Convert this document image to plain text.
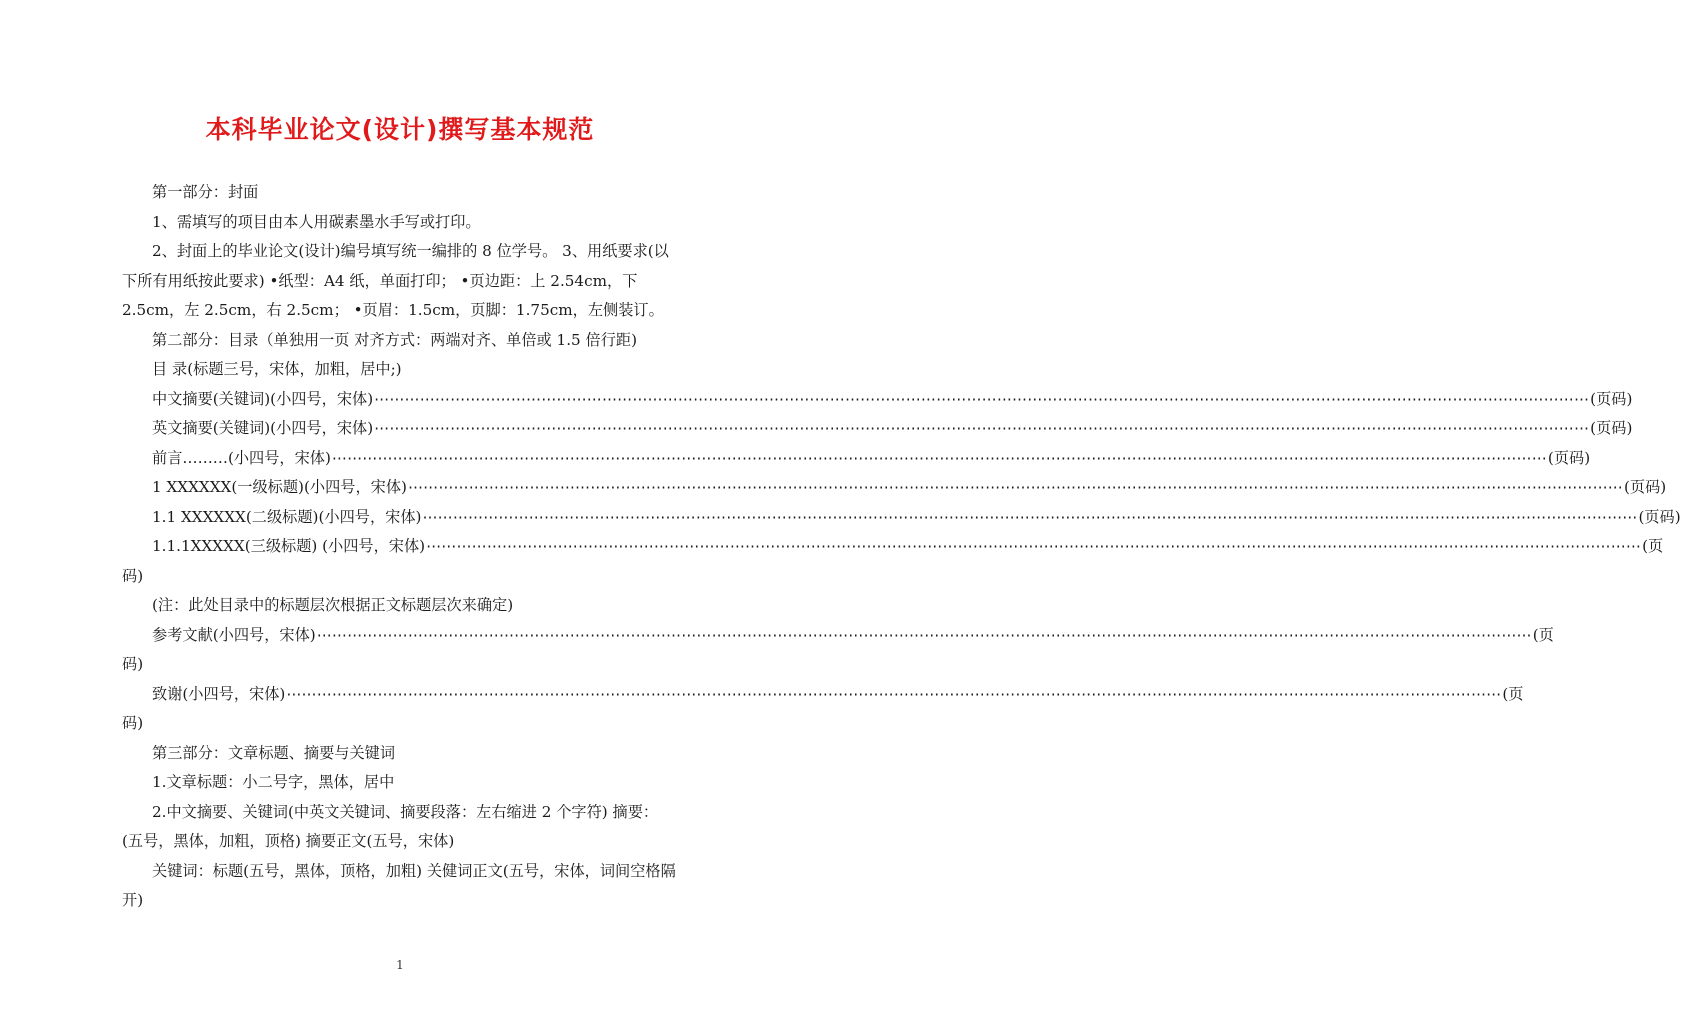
本科毕业论文(设计)撰写基本规范

第一部分：封面

1、需填写的项目由本人用碳素墨水手写或打印。

2、封面上的毕业论文(设计)编号填写统一编排的 8 位学号。 3、用纸要求(以下所有用纸按此要求) •纸型：A4 纸，单面打印； •页边距：上 2.54cm，下 2.5cm，左 2.5cm，右 2.5cm； •页眉：1.5cm，页脚：1.75cm，左侧装订。

第二部分：目录（单独用一页 对齐方式：两端对齐、单倍或 1.5 倍行距)

目 录(标题三号，宋体，加粗，居中;)

中文摘要(关键词)(小四号，宋体) ⋯⋯⋯⋯⋯⋯⋯⋯⋯⋯⋯⋯⋯⋯⋯⋯⋯⋯⋯⋯⋯⋯⋯⋯⋯⋯⋯⋯⋯⋯⋯⋯⋯⋯⋯⋯⋯⋯⋯⋯⋯⋯⋯⋯⋯⋯⋯⋯⋯⋯⋯⋯⋯⋯⋯⋯⋯⋯⋯⋯⋯⋯⋯⋯⋯⋯⋯⋯⋯⋯⋯⋯⋯⋯⋯⋯⋯⋯⋯⋯ (页码)
英文摘要(关键词)(小四号，宋体) ⋯⋯⋯⋯⋯⋯⋯⋯⋯⋯⋯⋯⋯⋯⋯⋯⋯⋯⋯⋯⋯⋯⋯⋯⋯⋯⋯⋯⋯⋯⋯⋯⋯⋯⋯⋯⋯⋯⋯⋯⋯⋯⋯⋯⋯⋯⋯⋯⋯⋯⋯⋯⋯⋯⋯⋯⋯⋯⋯⋯⋯⋯⋯⋯⋯⋯⋯⋯⋯⋯⋯⋯⋯⋯⋯⋯⋯⋯⋯⋯ (页码)
前言………(小四号，宋体) ⋯⋯⋯⋯⋯⋯⋯⋯⋯⋯⋯⋯⋯⋯⋯⋯⋯⋯⋯⋯⋯⋯⋯⋯⋯⋯⋯⋯⋯⋯⋯⋯⋯⋯⋯⋯⋯⋯⋯⋯⋯⋯⋯⋯⋯⋯⋯⋯⋯⋯⋯⋯⋯⋯⋯⋯⋯⋯⋯⋯⋯⋯⋯⋯⋯⋯⋯⋯⋯⋯⋯⋯⋯⋯⋯⋯⋯⋯⋯⋯ (页码)
1 XXXXXX(一级标题)(小四号，宋体) ⋯⋯⋯⋯⋯⋯⋯⋯⋯⋯⋯⋯⋯⋯⋯⋯⋯⋯⋯⋯⋯⋯⋯⋯⋯⋯⋯⋯⋯⋯⋯⋯⋯⋯⋯⋯⋯⋯⋯⋯⋯⋯⋯⋯⋯⋯⋯⋯⋯⋯⋯⋯⋯⋯⋯⋯⋯⋯⋯⋯⋯⋯⋯⋯⋯⋯⋯⋯⋯⋯⋯⋯⋯⋯⋯⋯⋯⋯⋯⋯ (页码)
1.1 XXXXXX(二级标题)(小四号，宋体) ⋯⋯⋯⋯⋯⋯⋯⋯⋯⋯⋯⋯⋯⋯⋯⋯⋯⋯⋯⋯⋯⋯⋯⋯⋯⋯⋯⋯⋯⋯⋯⋯⋯⋯⋯⋯⋯⋯⋯⋯⋯⋯⋯⋯⋯⋯⋯⋯⋯⋯⋯⋯⋯⋯⋯⋯⋯⋯⋯⋯⋯⋯⋯⋯⋯⋯⋯⋯⋯⋯⋯⋯⋯⋯⋯⋯⋯⋯⋯⋯ (页码)
1.1.1XXXXX(三级标题) (小四号，宋体) ⋯⋯⋯⋯⋯⋯⋯⋯⋯⋯⋯⋯⋯⋯⋯⋯⋯⋯⋯⋯⋯⋯⋯⋯⋯⋯⋯⋯⋯⋯⋯⋯⋯⋯⋯⋯⋯⋯⋯⋯⋯⋯⋯⋯⋯⋯⋯⋯⋯⋯⋯⋯⋯⋯⋯⋯⋯⋯⋯⋯⋯⋯⋯⋯⋯⋯⋯⋯⋯⋯⋯⋯⋯⋯⋯⋯⋯⋯⋯⋯ (页

码)

(注：此处目录中的标题层次根据正文标题层次来确定)

参考文献(小四号，宋体) ⋯⋯⋯⋯⋯⋯⋯⋯⋯⋯⋯⋯⋯⋯⋯⋯⋯⋯⋯⋯⋯⋯⋯⋯⋯⋯⋯⋯⋯⋯⋯⋯⋯⋯⋯⋯⋯⋯⋯⋯⋯⋯⋯⋯⋯⋯⋯⋯⋯⋯⋯⋯⋯⋯⋯⋯⋯⋯⋯⋯⋯⋯⋯⋯⋯⋯⋯⋯⋯⋯⋯⋯⋯⋯⋯⋯⋯⋯⋯⋯ (页

码)

致谢(小四号，宋体) ⋯⋯⋯⋯⋯⋯⋯⋯⋯⋯⋯⋯⋯⋯⋯⋯⋯⋯⋯⋯⋯⋯⋯⋯⋯⋯⋯⋯⋯⋯⋯⋯⋯⋯⋯⋯⋯⋯⋯⋯⋯⋯⋯⋯⋯⋯⋯⋯⋯⋯⋯⋯⋯⋯⋯⋯⋯⋯⋯⋯⋯⋯⋯⋯⋯⋯⋯⋯⋯⋯⋯⋯⋯⋯⋯⋯⋯⋯⋯⋯ (页

码)

第三部分：文章标题、摘要与关键词

1.文章标题：小二号字，黑体，居中

2.中文摘要、关键词(中英文关键词、摘要段落：左右缩进 2 个字符) 摘要：(五号，黑体，加粗，顶格) 摘要正文(五号，宋体)

关键词：标题(五号，黑体，顶格，加粗) 关健词正文(五号，宋体，词间空格隔开)

1
